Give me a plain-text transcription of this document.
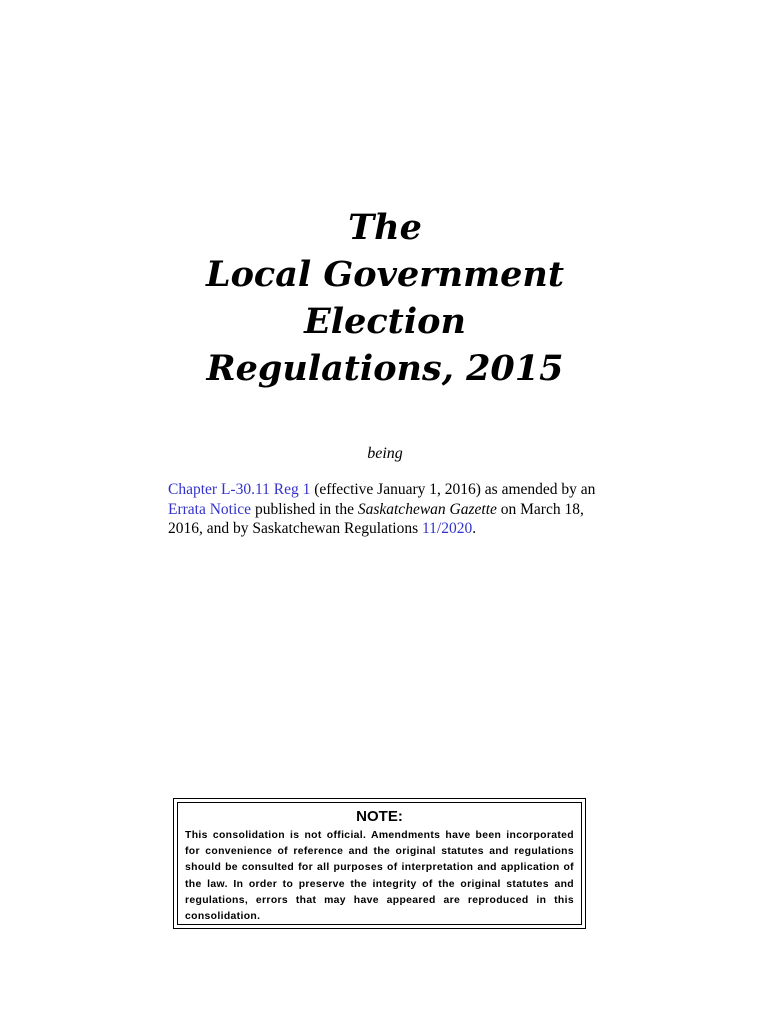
The
Local Government
Election
Regulations, 2015
being
Chapter L-30.11 Reg 1 (effective January 1, 2016) as amended by an Errata Notice published in the Saskatchewan Gazette on March 18, 2016, and by Saskatchewan Regulations 11/2020.
NOTE:
This consolidation is not official. Amendments have been incorporated for convenience of reference and the original statutes and regulations should be consulted for all purposes of interpretation and application of the law. In order to preserve the integrity of the original statutes and regulations, errors that may have appeared are reproduced in this consolidation.
